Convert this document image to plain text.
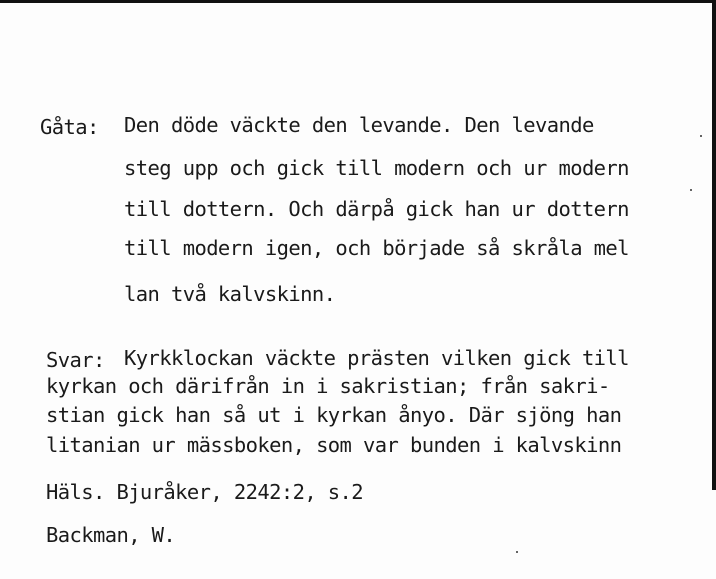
Gåta: Den döde väckte den levande. Den levande
steg upp och gick till modern och ur modern
till dottern. Och därpå gick han ur dottern
till modern igen, och började så skråla mel
lan två kalvskinn.
Svar: Kyrkklockan väckte prästen vilken gick till
kyrkan och därifrån in i sakristian; från sakri-
stian gick han så ut i kyrkan ånyo. Där sjöng han
litanian ur mässboken, som var bunden i kalvskinn
Häls. Bjuråker, 2242:2, s.2
Backman, W.
